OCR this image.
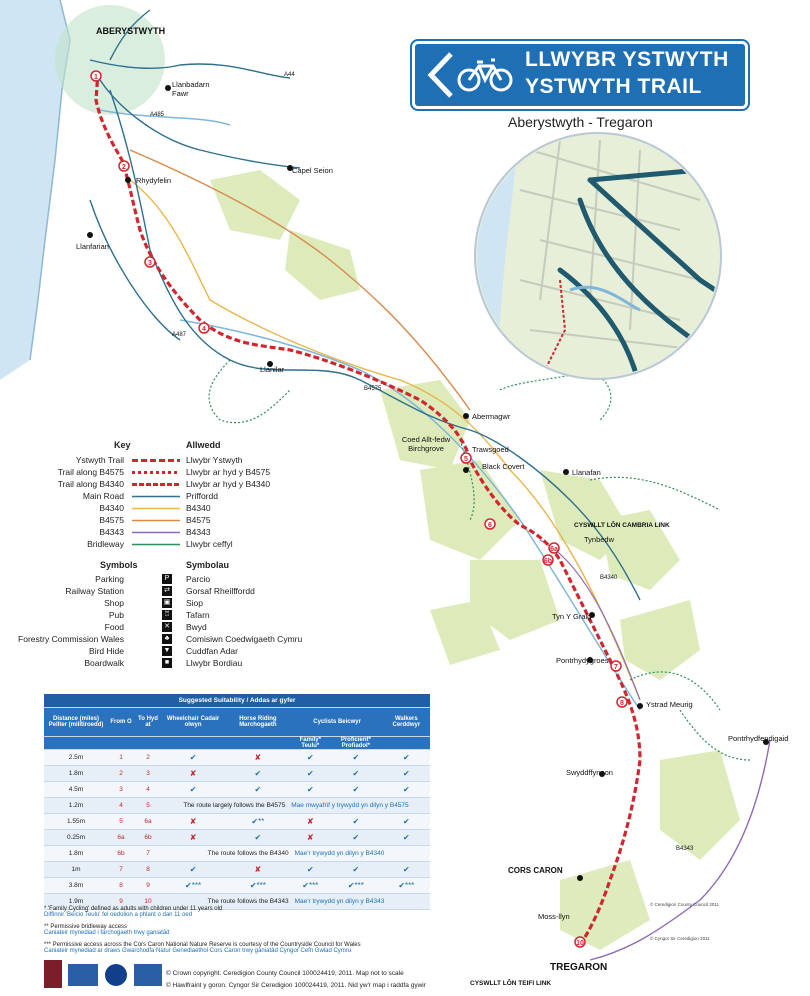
1
2
3
4
5
6
6a
6b
7
8
10
ABERYSTWYTH
Llanbadarn Fawr
Capel Seion
Rhydyfelin
Llanfarian
Llanilar
Abermagwr
Coed Allt-fedw Birchgrove	Trawsgoed
Black Covert
Llanafan
CYSWLLT LÔN CAMBRIA LINK
Tynbedw
Tyn Y Graig
Pontrhydygroes
Ystrad Meurig
Pontrhydfendigaid
Swyddffynnon
CORS CARON
Moss-llyn
TREGARON
CYSWLLT LÔN TEIFI LINK
A44
A487
A485
B4340
B4575
B4343
LLWYBR YSTWYTH
YSTWYTH TRAIL
Aberystwyth - Tregaron
Key	Allwedd
Ystwyth Trail	Llwybr Ystwyth
Trail along B4575	Llwybr ar hyd y B4575
Trail along B4340	Llwybr ar hyd y B4340
Main Road	Priffordd
B4340	B4340
B4575	B4575
B4343	B4343
Bridleway	Llwybr ceffyl
Symbols	Symbolau
Parking	P	Parcio
Railway Station	⇄ Gorsaf Rheilffordd
Shop	▣ Siop
Pub	♖ Tafarn
Food	✕ Bwyd
Forestry Commission Wales	♣	Comisiwn Coedwigaeth Cymru
Bird Hide	▼ Cuddfan Adar
Boardwalk	■	Llwybr Bordiau
Suggested Suitability / Addas ar gyfer							
Distance (miles) Pellter (milltiroedd)	From O	To Hyd at	Wheelchair Cadair olwyn	Horse Riding Marchogaeth	Cyclists Beicwyr		Walkers Cerddwyr
					Family* Teulu*	Proficient* Profiadol*	
2.5m	1	2	✔	✘	✔	✔	✔
1.8m	2	3	✘	✔	✔	✔	✔
4.5m	3	4	✔	✔	✔	✔	✔
1.2m	4	5	The route largely follows the B4575 Mae mwyafrif y trywydd yn dilyn y B4575				
1.55m	5	6a	✘	✔**	✘	✔	✔
0.25m	6a	6b	✘	✔	✘	✔	✔
1.8m	6b	7	The route follows the B4340 Mae'r trywydd yn dilyn y B4340				
1m	7	8	✔	✘	✔	✔	✔
3.8m	8	9	✔***	✔***	✔***	✔***	✔***
1.9m	9	10	The route follows the B4343 Mae'r trywydd yn dilyn y B4343				
* 'Family Cycling' defined as adults with children under 11 years old
Diffinnir 'Beicio Teulu' fel oedolion a phlant o dan 11 oed
** Permissive bridleway access
Caniateir mynediad i farchogaeth trwy ganiatâd
*** Permissive access across the Cors Caron National Nature Reserve is courtesy of the Countryside Council for Wales
Caniateir mynediad ar draws Gwarchodfa Natur Genedlaethol Cors Caron trwy ganiatâd Cyngor Cefn Gwlad Cymru
© Crown copyright. Ceredigion County Council 100024419, 2011. Map not to scale
© Hawlfraint y goron. Cyngor Sir Ceredigion 100024419, 2011. Nid yw'r map i raddfa gywir
© Ceredigion County Council 2011
© Cyngor Sir Ceredigion 2011
